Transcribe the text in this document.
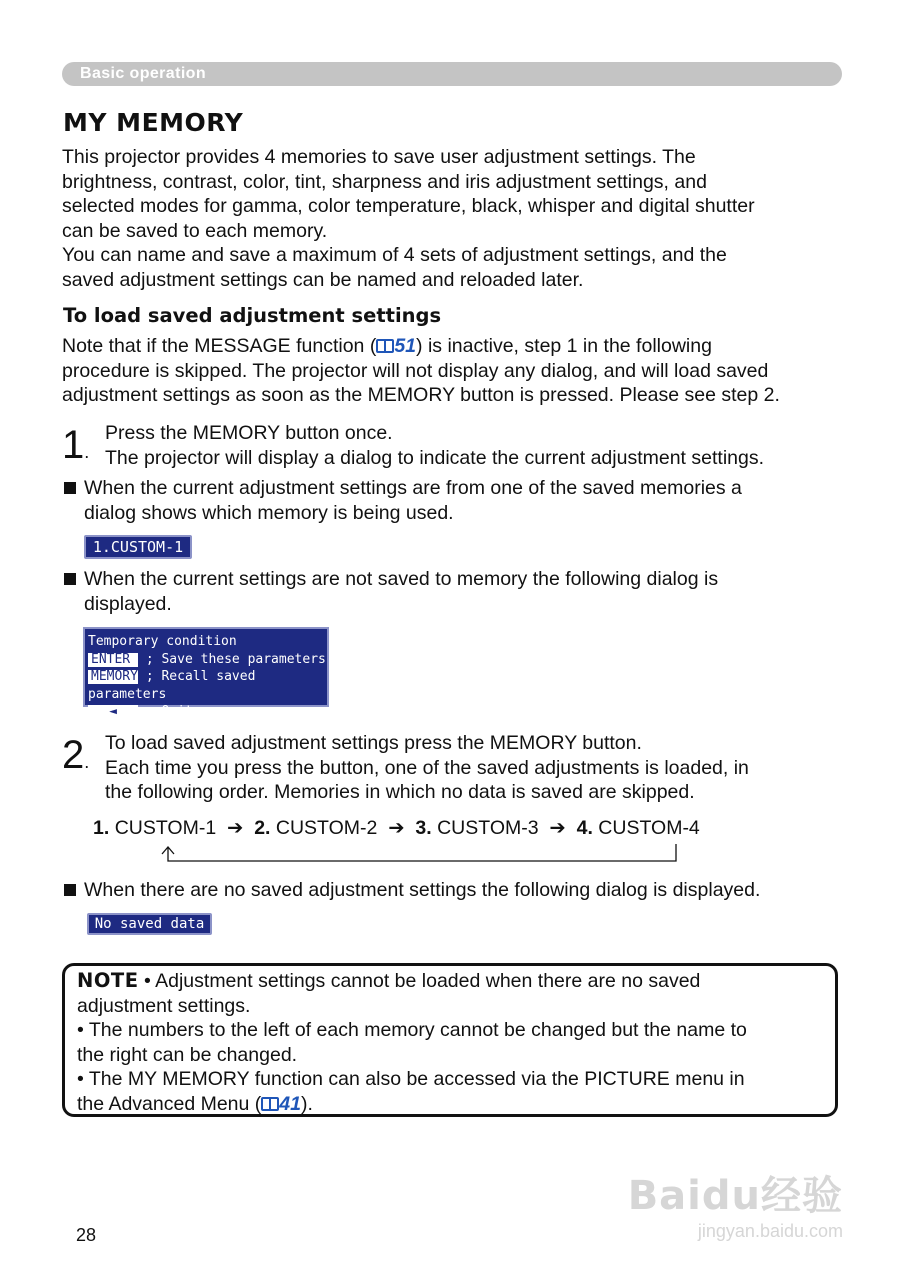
Basic operation
MY MEMORY
This projector provides 4 memories to save user adjustment settings. The
brightness, contrast, color, tint, sharpness and iris adjustment settings, and
selected modes for gamma, color temperature, black, whisper and digital shutter
can be saved to each memory.
You can name and save a maximum of 4 sets of adjustment settings, and the
saved adjustment settings can be named and reloaded later.
To load saved adjustment settings
Note that if the MESSAGE function ( 51) is inactive, step 1 in the following
procedure is skipped. The projector will not display any dialog, and will load saved
adjustment settings as soon as the MEMORY button is pressed. Please see step 2.
1.
Press the MEMORY button once.
The projector will display a dialog to indicate the current adjustment settings.
When the current adjustment settings are from one of the saved memories a
dialog shows which memory is being used.
1.CUSTOM-1
When the current settings are not saved to memory the following dialog is
displayed.
Temporary condition
ENTER ; Save these parameters
MEMORY ; Recall saved parameters
◄ ; Quit
2.
To load saved adjustment settings press the MEMORY button.
Each time you press the button, one of the saved adjustments is loaded, in
the following order. Memories in which no data is saved are skipped.
1. CUSTOM-1  ➔  2. CUSTOM-2  ➔  3. CUSTOM-3  ➔  4. CUSTOM-4
When there are no saved adjustment settings the following dialog is displayed.
No saved data
NOTE • Adjustment settings cannot be loaded when there are no saved
adjustment settings.
• The numbers to the left of each memory cannot be changed but the name to
the right can be changed.
• The MY MEMORY function can also be accessed via the PICTURE menu in
the Advanced Menu ( 41).
28
Baidu经验
jingyan.baidu.com
